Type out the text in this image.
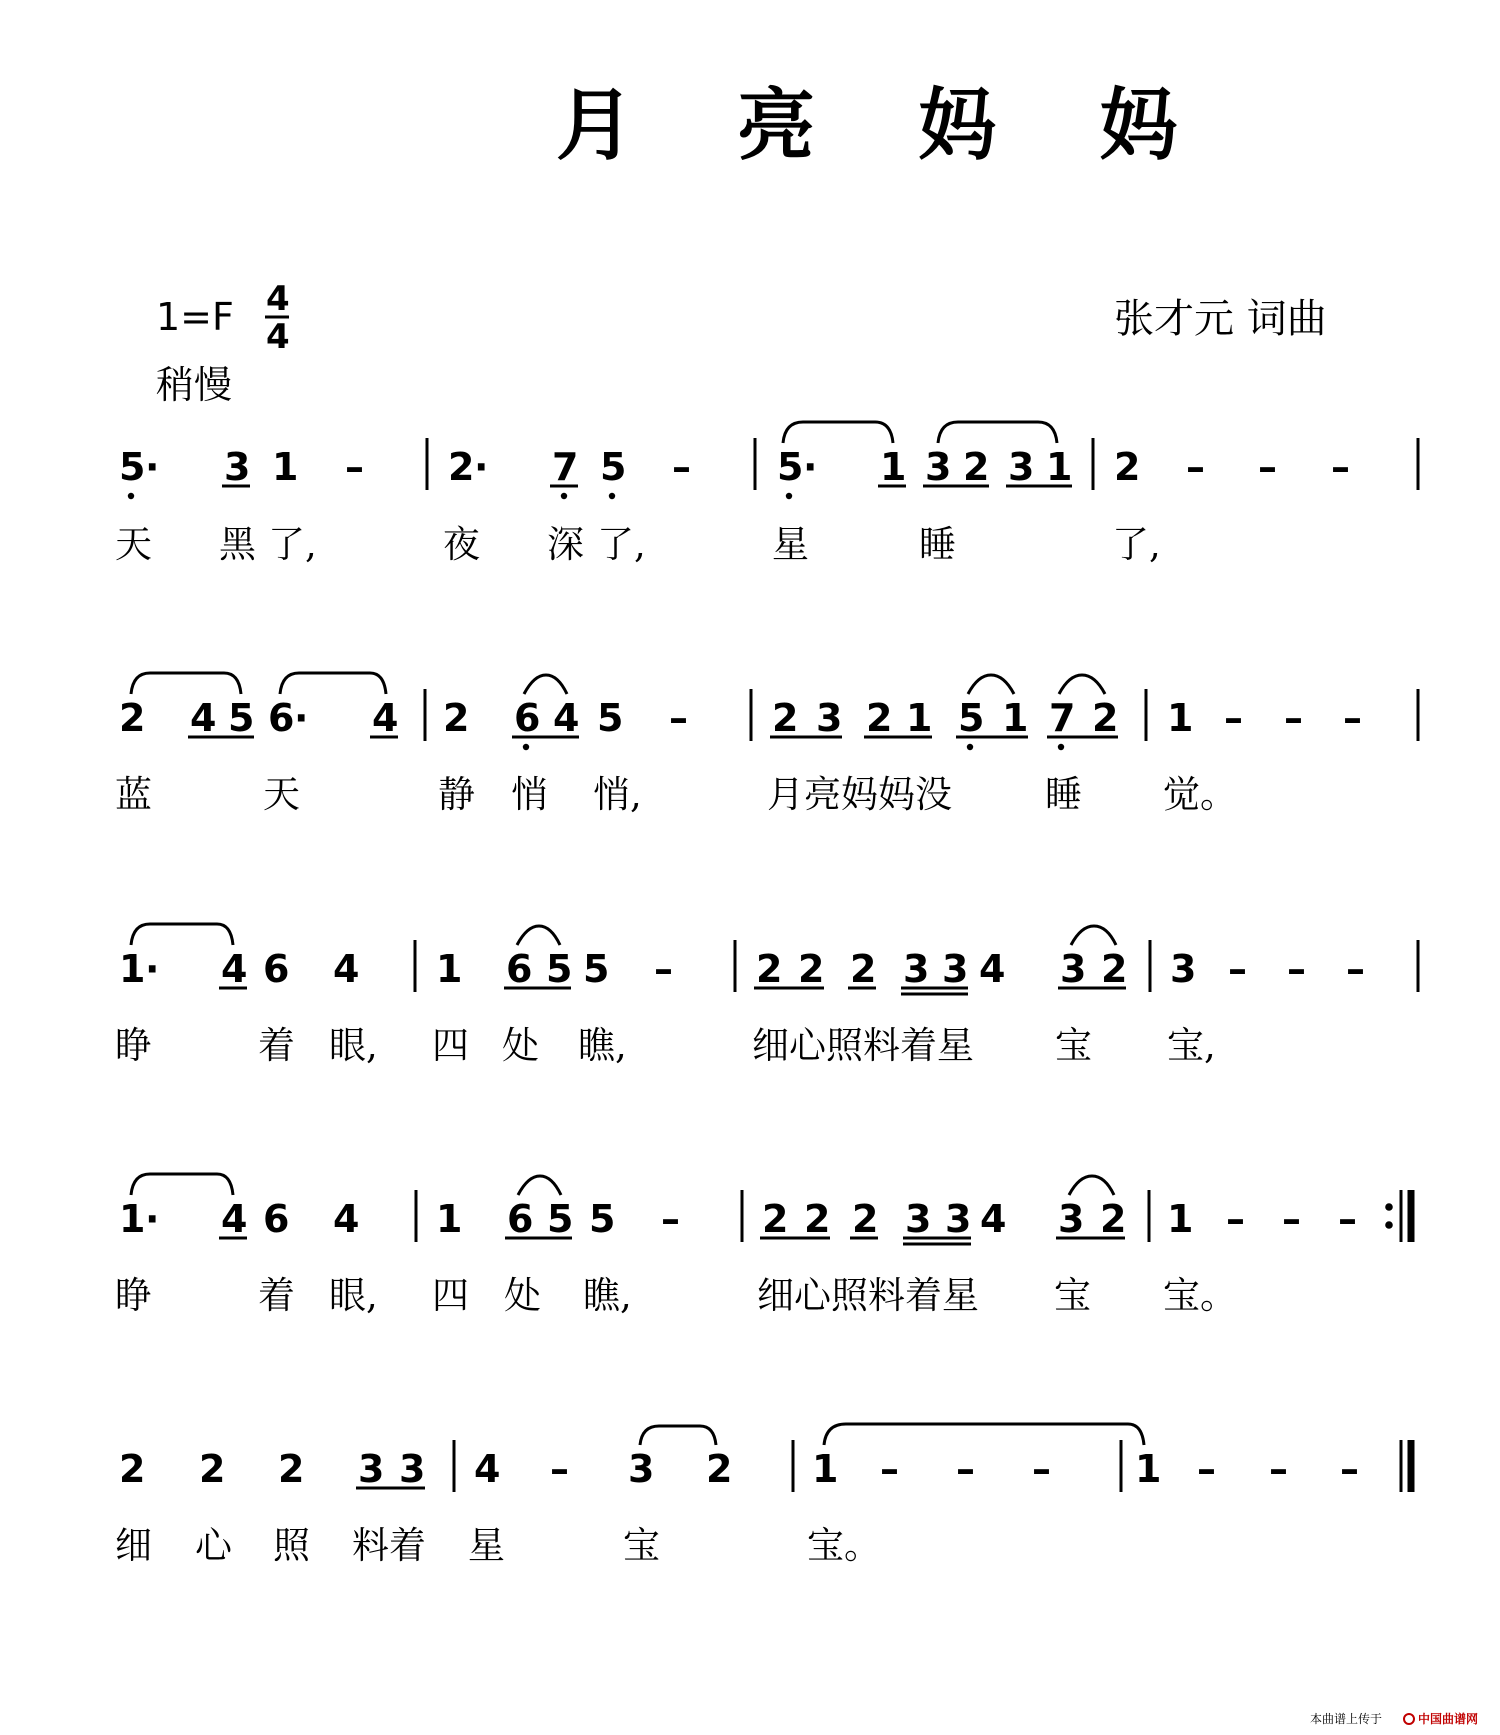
月 亮 妈 妈
1=F 4
4
稍慢
张才元 词曲
5 · 3 1 – 2 · 7 5 – 5 · 1 3 2 3 1 2 – – –
天 黑 了,	夜 深 了,	星	睡	了,
2 4 5 6 · 4 2 6 4 5 – 2 3 2 1 5 1 7 2 1 – – –
蓝	天	静 悄 悄,	月亮妈妈没	睡 觉。
1 · 4 6 4 1 6 5 5 – 2 2 2 3 3 4 3 2 3 – – –
睁	着 眼, 四 处 瞧,	细心照料着星 宝 宝,
1 · 4 6 4 1 6 5 5 – 2 2 2 3 3 4 3 2 1 – – –
睁	着 眼, 四 处 瞧,	细心照料着星 宝 宝。
2 2 2 3 3 4 – 3 2 1 – – – 1 – – –
细 心 照 料着 星	宝	宝。
本曲谱上传于	中国曲谱网
